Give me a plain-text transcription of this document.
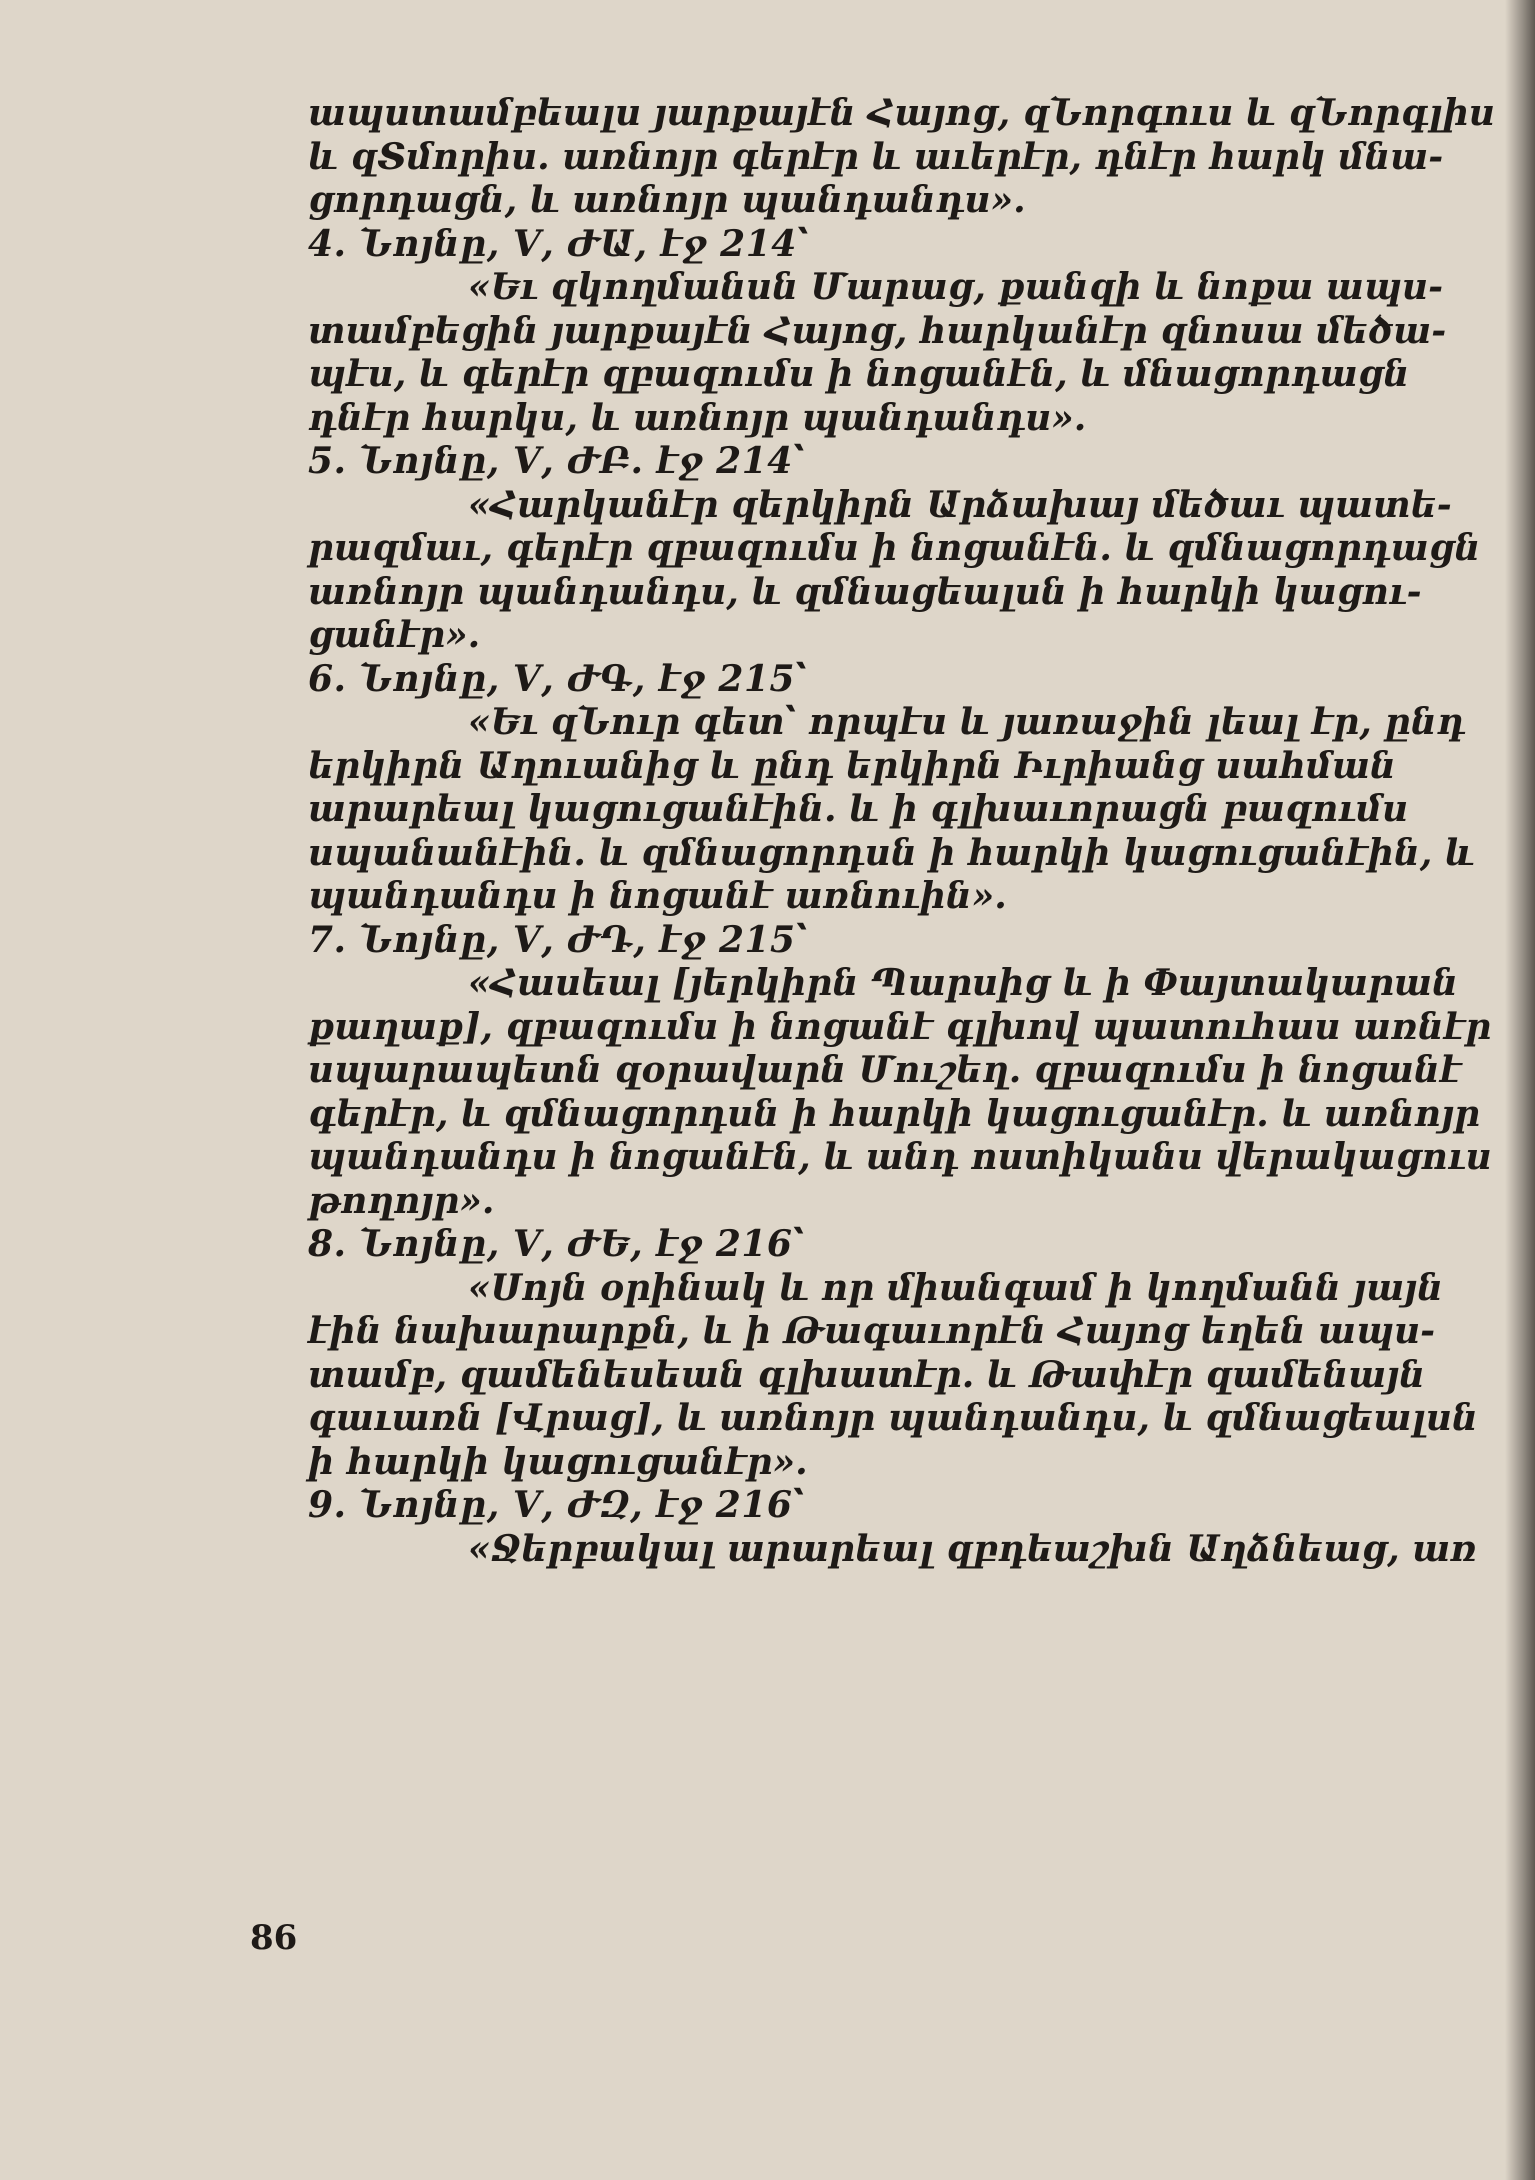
ապստամբեալս յարքայէն Հայոց, զՆորգուս և զՆորգլիս
և զՏմորիս. առնոյր գերէր և աւերէր, դնէր հարկ մնա-
ցորդացն, և առնոյր պանդանդս»․
4. Նոյնը, Ⅴ, ԺԱ, էջ 214՝
«Եւ զկողմանսն Մարաց, քանզի և նոքա ապս-
տամբեցին յարքայէն Հայոց, հարկանէր զնոսա մեծա-
պէս, և գերէր զբազումս ի նոցանէն, և մնացորդացն
դնէր հարկս, և առնոյր պանդանդս»․
5. Նոյնը, Ⅴ, ԺԲ․ էջ 214՝
«Հարկանէր զերկիրն Արձախայ մեծաւ պատե-
րազմաւ, գերէր զբազումս ի նոցանէն. և զմնացորդացն
առնոյր պանդանդս, և զմնացեալսն ի հարկի կացու-
ցանէր»․
6. Նոյնը, Ⅴ, ԺԳ, էջ 215՝
«Եւ զՆուր գետ՝ որպէս և յառաջին լեալ էր, ընդ
երկիրն Աղուանից և ընդ երկիրն Իւրիանց սահման
արարեալ կացուցանէին. և ի գլխաւորացն բազումս
սպանանէին. և զմնացորդսն ի հարկի կացուցանէին, և
պանդանդս ի նոցանէ առնուին»․
7. Նոյնը, Ⅴ, ԺԴ, էջ 215՝
«Հասեալ [յերկիրն Պարսից և ի Փայտակարան
քաղաք], զբազումս ի նոցանէ գլխով պատուհաս առնէր
սպարապետն զօրավարն Մուշեղ. զբազումս ի նոցանէ
գերէր, և զմնացորդսն ի հարկի կացուցանէր. և առնոյր
պանդանդս ի նոցանէն, և անդ ոստիկանս վերակացուս
թողոյր»․
8. Նոյնը, Ⅴ, ԺԵ, էջ 216՝
«Սոյն օրինակ և որ միանգամ ի կողմանն յայն
էին նախարարքն, և ի Թագաւորէն Հայոց եղեն ապս-
տամբ, զամենեսեան գլխատէր. և Թափէր զամենայն
գաւառն [Վրաց], և առնոյր պանդանդս, և զմնացեալսն
ի հարկի կացուցանէր»․
9. Նոյնը, Ⅴ, ԺԶ, էջ 216՝
«Ջերբակալ արարեալ զբդեաշխն Աղձնեաց, առ
86
